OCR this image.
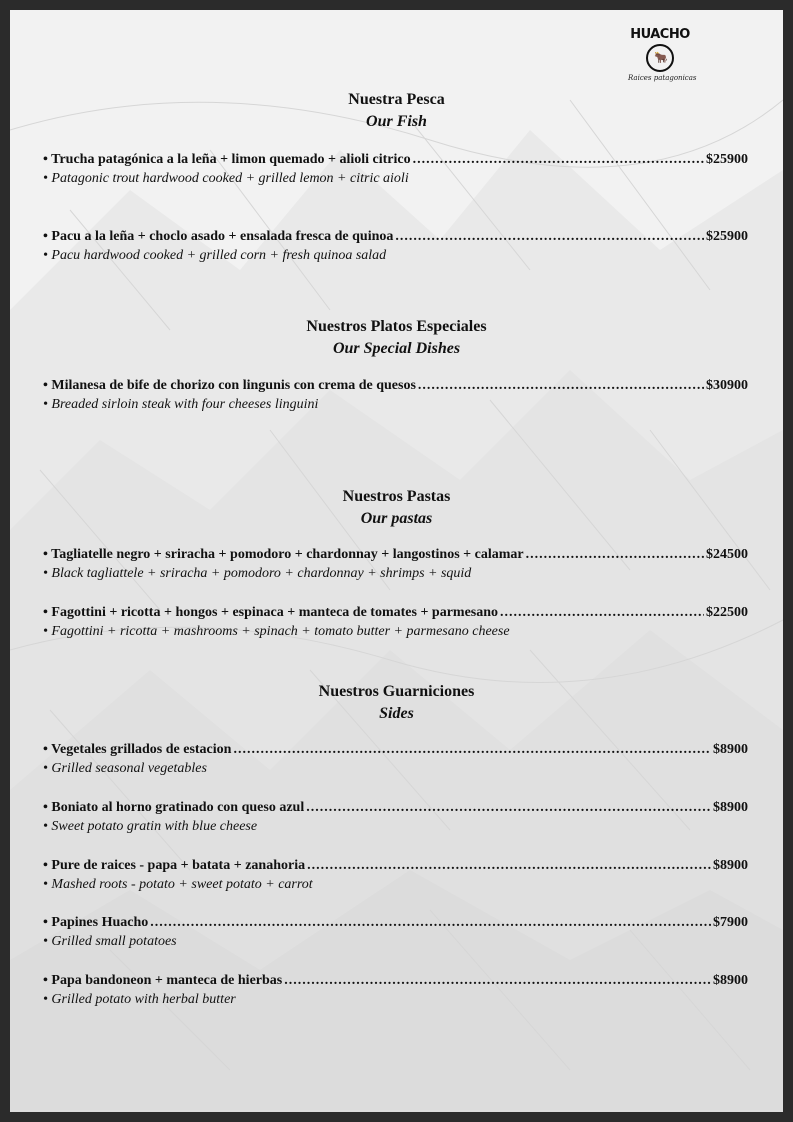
HUACHO
🐂
Raices patagonicas
Nuestra Pesca
Our Fish
• Trucha patagónica a la leña + limon quemado + alioli citrico .....	$25900
• Patagonic trout hardwood cooked + grilled lemon + citric aioli
• Pacu a la leña + choclo asado + ensalada fresca de quinoa .....	$25900
• Pacu hardwood cooked + grilled corn + fresh quinoa salad
Nuestros Platos Especiales
Our Special Dishes
• Milanesa de bife de chorizo con lingunis con crema de quesos .....	$30900
• Breaded sirloin steak with four cheeses linguini
Nuestros Pastas
Our pastas
• Tagliatelle negro + sriracha + pomodoro + chardonnay + langostinos + calamar .....	$24500
• Black tagliattele + sriracha + pomodoro + chardonnay + shrimps + squid
• Fagottini + ricotta + hongos + espinaca + manteca de tomates + parmesano .....	$22500
• Fagottini + ricotta + mashrooms + spinach + tomato butter + parmesano cheese
Nuestros Guarniciones
Sides
• Vegetales grillados de estacion .....	$8900
• Grilled seasonal vegetables
• Boniato al horno gratinado con queso azul .....	$8900
• Sweet potato gratin with blue cheese
• Pure de raices - papa + batata + zanahoria .....	$8900
• Mashed roots - potato + sweet potato + carrot
• Papines Huacho .....	$7900
• Grilled small potatoes
• Papa bandoneon + manteca de hierbas .....	$8900
• Grilled potato with herbal butter
